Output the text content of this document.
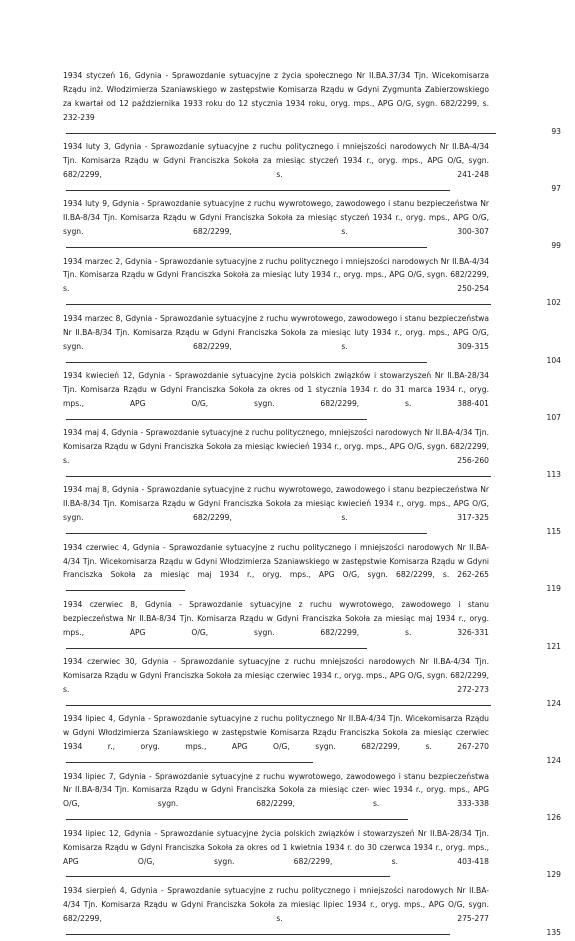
1934 styczeń 16, Gdynia - Sprawozdanie sytuacyjne z życia społecznego Nr II.BA.37/34 Tjn. Wicekomisarza Rządu inż. Włodzimierza Szaniawskiego w zastępstwie Komisarza Rządu w Gdyni Zygmunta Zabierzowskiego za kwartał od 12 października 1933 roku do 12 stycznia 1934 roku, oryg. mps., APG O/G, sygn. 682/2299, s. 232-239
93
1934 luty 3, Gdynia - Sprawozdanie sytuacyjne z ruchu politycznego i mniejszości narodowych Nr II.BA-4/34 Tjn. Komisarza Rządu w Gdyni Franciszka Sokoła za miesiąc styczeń 1934 r., oryg. mps., APG O/G, sygn. 682/2299, s. 241-248
97
1934 luty 9, Gdynia - Sprawozdanie sytuacyjne z ruchu wywrotowego, zawodowego i stanu bezpieczeństwa Nr II.BA-8/34 Tjn. Komisarza Rządu w Gdyni Franciszka Sokoła za miesiąc styczeń 1934 r., oryg. mps., APG O/G, sygn. 682/2299, s. 300-307
99
1934 marzec 2, Gdynia - Sprawozdanie sytuacyjne z ruchu politycznego i mniejszości narodowych Nr II.BA-4/34 Tjn. Komisarza Rządu w Gdyni Franciszka Sokoła za miesiąc luty 1934 r., oryg. mps., APG O/G, sygn. 682/2299, s. 250-254
102
1934 marzec 8, Gdynia - Sprawozdanie sytuacyjne z ruchu wywrotowego, zawodowego i stanu bezpieczeństwa Nr II.BA-8/34 Tjn. Komisarza Rządu w Gdyni Franciszka Sokoła za miesiąc luty 1934 r., oryg. mps., APG O/G, sygn. 682/2299, s. 309-315
104
1934 kwiecień 12, Gdynia - Sprawozdanie sytuacyjne życia polskich związków i stowarzyszeń Nr II.BA-28/34 Tjn. Komisarza Rządu w Gdyni Franciszka Sokoła za okres od 1 stycznia 1934 r. do 31 marca 1934 r., oryg. mps., APG O/G, sygn. 682/2299, s. 388-401
107
1934 maj 4, Gdynia - Sprawozdanie sytuacyjne z ruchu politycznego, mniejszości narodowych Nr II.BA-4/34 Tjn. Komisarza Rządu w Gdyni Franciszka Sokoła za miesiąc kwiecień 1934 r., oryg. mps., APG O/G, sygn. 682/2299, s. 256-260
113
1934 maj 8, Gdynia - Sprawozdanie sytuacyjne z ruchu wywrotowego, zawodowego i stanu bezpieczeństwa Nr II.BA-8/34 Tjn. Komisarza Rządu w Gdyni Franciszka Sokoła za miesiąc kwiecień 1934 r., oryg. mps., APG O/G, sygn. 682/2299, s. 317-325
115
1934 czerwiec 4, Gdynia - Sprawozdanie sytuacyjne z ruchu politycznego i mniejszości narodowych Nr II.BA-4/34 Tjn. Wicekomisarza Rządu w Gdyni Włodzimierza Szaniawskiego w zastępstwie Komisarza Rządu w Gdyni Franciszka Sokoła za miesiąc maj 1934 r., oryg. mps., APG O/G, sygn. 682/2299, s. 262-265
119
1934 czerwiec 8, Gdynia - Sprawozdanie sytuacyjne z ruchu wywrotowego, zawodowego i stanu bezpieczeństwa Nr II.BA-8/34 Tjn. Komisarza Rządu w Gdyni Franciszka Sokoła za miesiąc maj 1934 r., oryg. mps., APG O/G, sygn. 682/2299, s. 326-331
121
1934 czerwiec 30, Gdynia - Sprawozdanie sytuacyjne z ruchu mniejszości narodowych Nr II.BA-4/34 Tjn. Komisarza Rządu w Gdyni Franciszka Sokoła za miesiąc czerwiec 1934 r., oryg. mps., APG O/G, sygn. 682/2299, s. 272-273
124
1934 lipiec 4, Gdynia - Sprawozdanie sytuacyjne z ruchu politycznego Nr II.BA-4/34 Tjn. Wicekomisarza Rządu w Gdyni Włodzimierza Szaniawskiego w zastępstwie Komisarza Rządu Franciszka Sokoła za miesiąc czerwiec 1934 r., oryg. mps., APG O/G, sygn. 682/2299, s. 267-270
124
1934 lipiec 7, Gdynia - Sprawozdanie sytuacyjne z ruchu wywrotowego, zawodowego i stanu bezpieczeństwa Nr II.BA-8/34 Tjn. Komisarza Rządu w Gdyni Franciszka Sokoła za miesiąc czer- wiec 1934 r., oryg. mps., APG O/G, sygn. 682/2299, s. 333-338
126
1934 lipiec 12, Gdynia - Sprawozdanie sytuacyjne życia polskich związków i stowarzyszeń Nr II.BA-28/34 Tjn. Komisarza Rządu w Gdyni Franciszka Sokoła za okres od 1 kwietnia 1934 r. do 30 czerwca 1934 r., oryg. mps., APG O/G, sygn. 682/2299, s. 403-418
129
1934 sierpień 4, Gdynia - Sprawozdanie sytuacyjne z ruchu politycznego i mniejszości narodowych Nr II.BA-4/34 Tjn. Komisarza Rządu w Gdyni Franciszka Sokoła za miesiąc lipiec 1934 r., oryg. mps., APG O/G, sygn. 682/2299, s. 275-277
135
